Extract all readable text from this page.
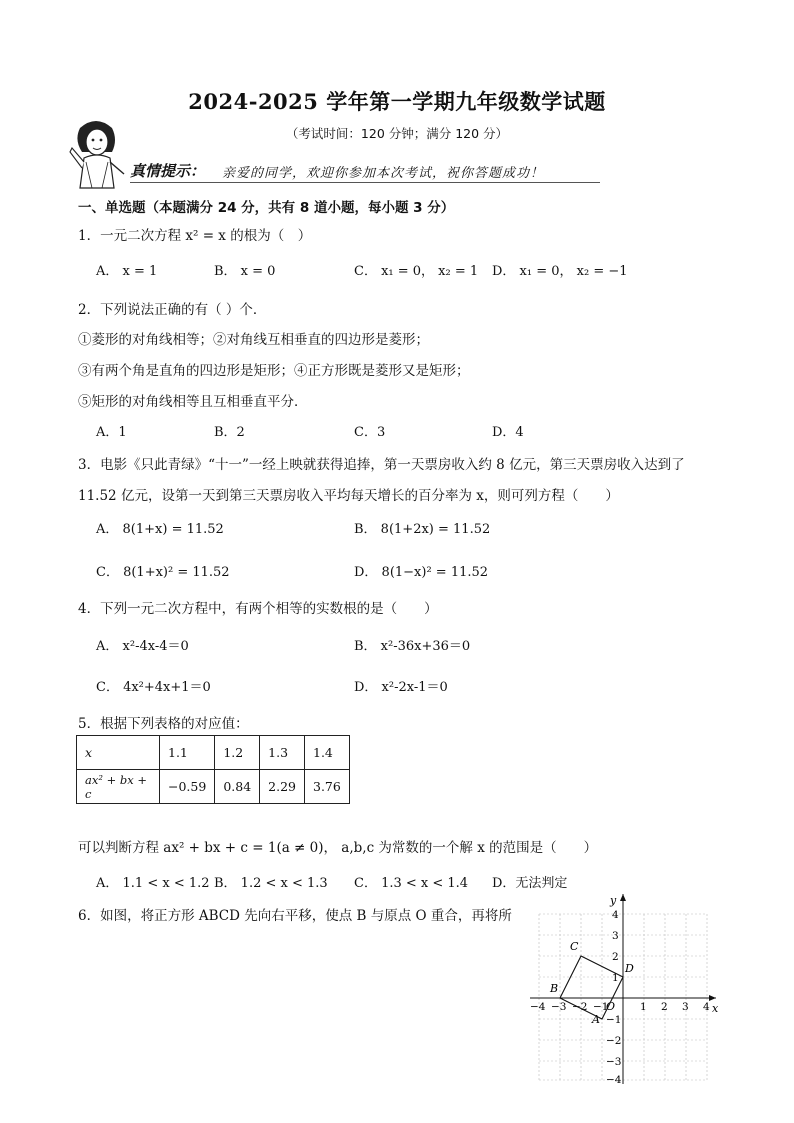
2024-2025 学年第一学期九年级数学试题
（考试时间：120 分钟；满分 120 分）
真情提示： 亲爱的同学，欢迎你参加本次考试，祝你答题成功！
一、单选题（本题满分 24 分，共有 8 道小题，每小题 3 分）
1．一元二次方程 x² = x 的根为（　）
A． x = 1	B． x = 0	C． x₁ = 0， x₂ = 1 D． x₁ = 0， x₂ = −1
2．下列说法正确的有（ ）个．
①菱形的对角线相等；②对角线互相垂直的四边形是菱形；
③有两个角是直角的四边形是矩形；④正方形既是菱形又是矩形；
⑤矩形的对角线相等且互相垂直平分．
A．1	B．2	C．3	D．4
3．电影《只此青绿》“十一”一经上映就获得追捧，第一天票房收入约 8 亿元，第三天票房收入达到了
11.52 亿元，设第一天到第三天票房收入平均每天增长的百分率为 x，则可列方程（　　）
A． 8(1+x) = 11.52	B． 8(1+2x) = 11.52
C． 8(1+x)² = 11.52	D． 8(1−x)² = 11.52
4．下列一元二次方程中，有两个相等的实数根的是（　　）
A． x²-4x-4＝0	B． x²-36x+36＝0
C． 4x²+4x+1＝0	D． x²-2x-1＝0
5．根据下列表格的对应值：
x	1.1	1.2	1.3	1.4
ax² + bx + c	−0.59	0.84	2.29	3.76
可以判断方程 ax² + bx + c = 1(a ≠ 0)， a,b,c 为常数的一个解 x 的范围是（　　）
A． 1.1 < x < 1.2 B． 1.2 < x < 1.3 C． 1.3 < x < 1.4 D．无法判定
6．如图，将正方形 ABCD 先向右平移，使点 B 与原点 O 重合，再将所
x
y
O
−4 −3 −2 −1	1 2 3 4
4
3
2
1
−1
−2
−3
−4
C
D
B
A
